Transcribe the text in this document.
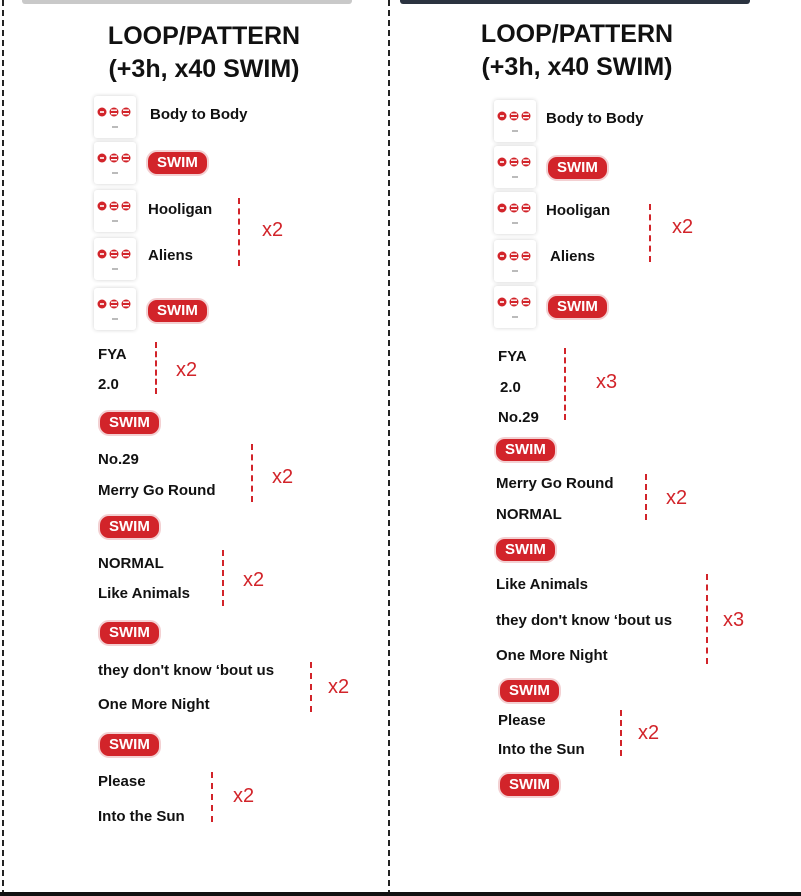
LOOP/PATTERN
(+3h, x40 SWIM)
Body to Body
SWIM
Hooligan
Aliens
x2
SWIM
FYA
2.0
x2
SWIM
No.29
Merry Go Round
x2
SWIM
NORMAL
Like Animals
x2
SWIM
they don't know ‘bout us
One More Night
x2
SWIM
Please
Into the Sun
x2
LOOP/PATTERN
(+3h, x40 SWIM)
Body to Body
SWIM
Hooligan
Aliens
x2
SWIM
FYA
2.0
No.29
x3
SWIM
Merry Go Round
NORMAL
x2
SWIM
Like Animals
they don't know ‘bout us
One More Night
x3
SWIM
Please
Into the Sun
x2
SWIM
